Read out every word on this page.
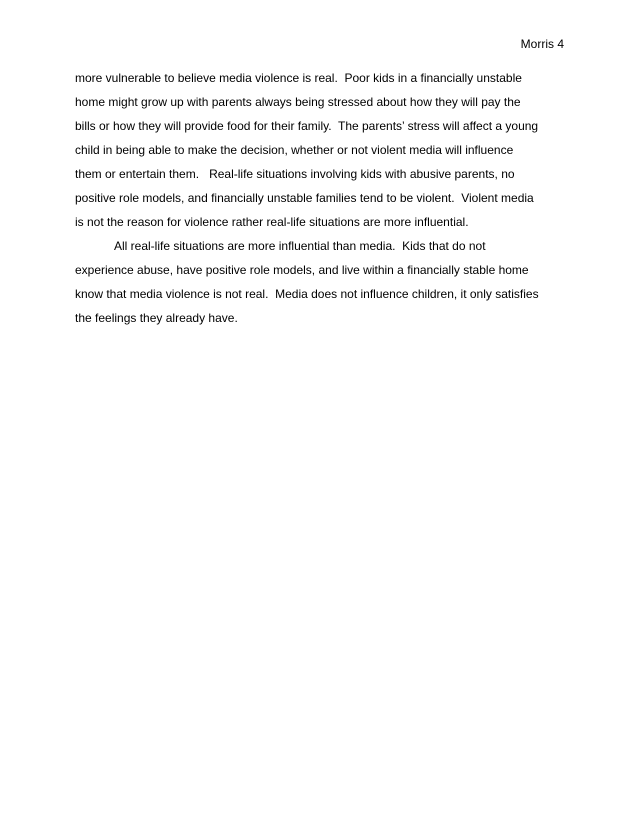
Morris 4
more vulnerable to believe media violence is real.  Poor kids in a financially unstable
home might grow up with parents always being stressed about how they will pay the
bills or how they will provide food for their family.  The parents’ stress will affect a young
child in being able to make the decision, whether or not violent media will influence
them or entertain them.   Real-life situations involving kids with abusive parents, no
positive role models, and financially unstable families tend to be violent.  Violent media
is not the reason for violence rather real-life situations are more influential.
All real-life situations are more influential than media.  Kids that do not
experience abuse, have positive role models, and live within a financially stable home
know that media violence is not real.  Media does not influence children, it only satisfies
the feelings they already have.
